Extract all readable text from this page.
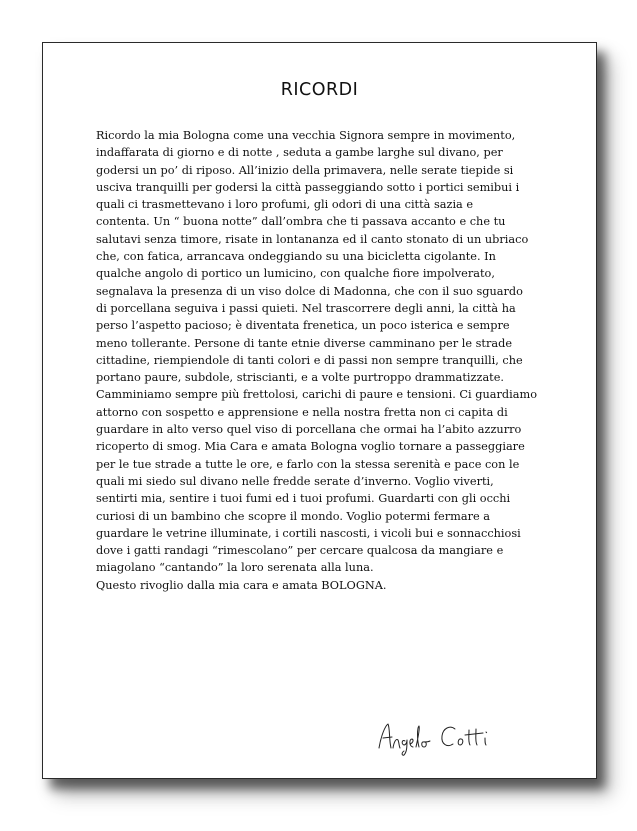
RICORDI
Ricordo la mia Bologna come una vecchia Signora sempre in movimento,
indaffarata di giorno e di notte , seduta a gambe larghe sul divano, per
godersi un po’ di riposo. All’inizio della primavera, nelle serate tiepide si
usciva tranquilli per godersi la città passeggiando sotto i portici semibui i
quali ci trasmettevano i loro profumi, gli odori di una città sazia e
contenta. Un “ buona notte” dall’ombra che ti passava accanto e che tu
salutavi senza timore, risate in lontananza ed il canto stonato di un ubriaco
che, con fatica, arrancava ondeggiando su una bicicletta cigolante. In
qualche angolo di portico un lumicino, con qualche fiore impolverato,
segnalava la presenza di un viso dolce di Madonna, che con il suo sguardo
di porcellana seguiva i passi quieti. Nel trascorrere degli anni, la città ha
perso l’aspetto pacioso; è diventata frenetica, un poco isterica e sempre
meno tollerante. Persone di tante etnie diverse camminano per le strade
cittadine, riempiendole di tanti colori e di passi non sempre tranquilli, che
portano paure, subdole, striscianti, e a volte purtroppo drammatizzate.
Camminiamo sempre più frettolosi, carichi di paure e tensioni. Ci guardiamo
attorno con sospetto e apprensione e nella nostra fretta non ci capita di
guardare in alto verso quel viso di porcellana che ormai ha l’abito azzurro
ricoperto di smog. Mia Cara e amata Bologna voglio tornare a passeggiare
per le tue strade a tutte le ore, e farlo con la stessa serenità e pace con le
quali mi siedo sul divano nelle fredde serate d’inverno. Voglio viverti,
sentirti mia, sentire i tuoi fumi ed i tuoi profumi. Guardarti con gli occhi
curiosi di un bambino che scopre il mondo. Voglio potermi fermare a
guardare le vetrine illuminate, i cortili nascosti, i vicoli bui e sonnacchiosi
dove i gatti randagi “rimescolano” per cercare qualcosa da mangiare e
miagolano “cantando” la loro serenata alla luna.
Questo rivoglio dalla mia cara e amata BOLOGNA.
